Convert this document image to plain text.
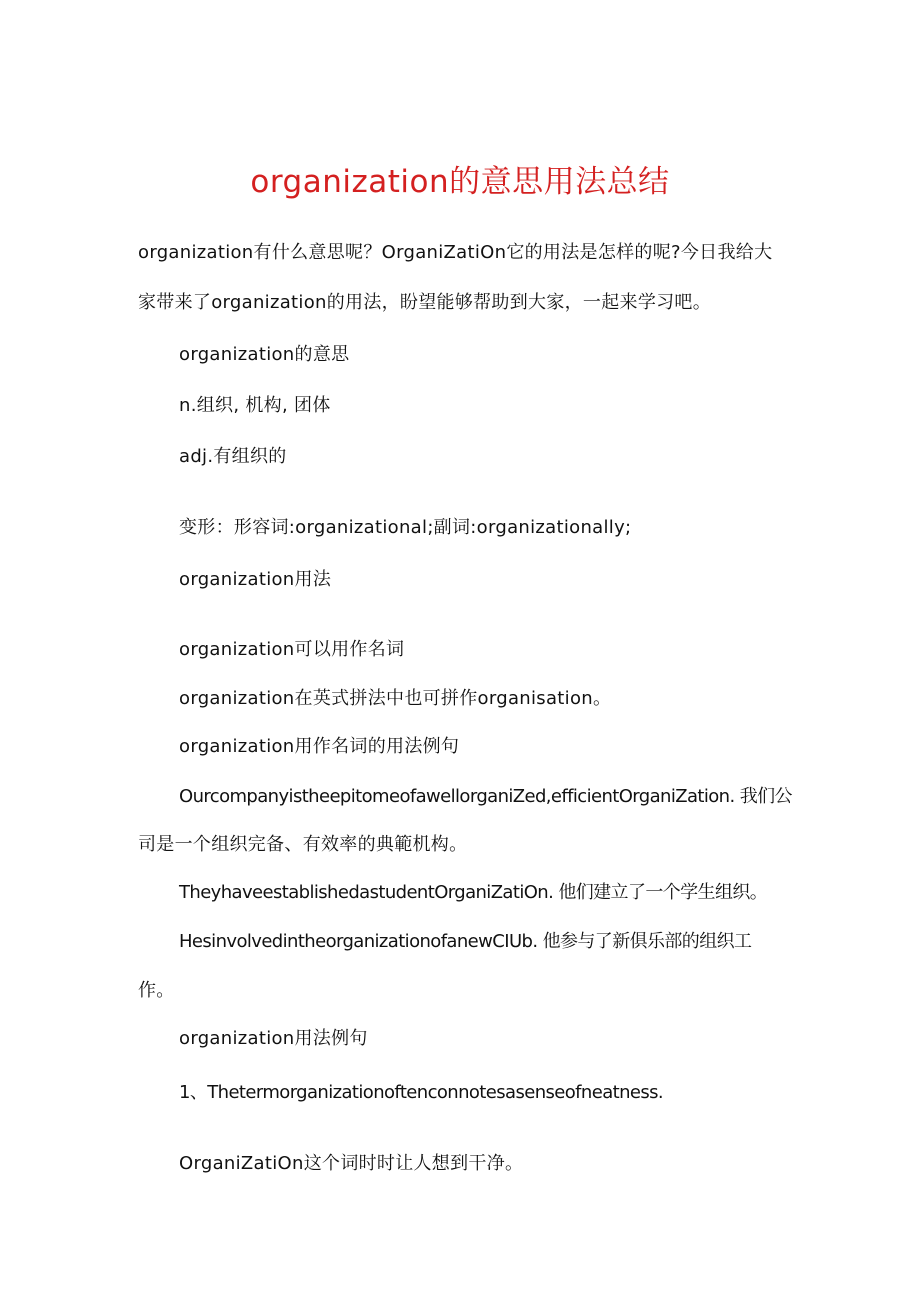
organization的意思用法总结
organization有什么意思呢？OrganiZatiOn它的用法是怎样的呢?今日我给大
家带来了organization的用法，盼望能够帮助到大家，一起来学习吧。
organization的意思
n.组织, 机构, 团体
adj.有组织的
变形：形容词:organizational;副词:organizationally;
organization用法
organization可以用作名词
organization在英式拼法中也可拼作organisation。
organization用作名词的用法例句
OurcompanyistheepitomeofawellorganiZed,efficientOrganiZation. 我们公
司是一个组织完备、有效率的典範机构。
TheyhaveestablishedastudentOrganiZatiOn. 他们建立了一个学生组织。
HesinvolvedintheorganizationofanewCIUb. 他参与了新俱乐部的组织工
作。
organization用法例句
1、Thetermorganizationoftenconnotesasenseofneatness.
OrganiZatiOn这个词时时让人想到干净。
